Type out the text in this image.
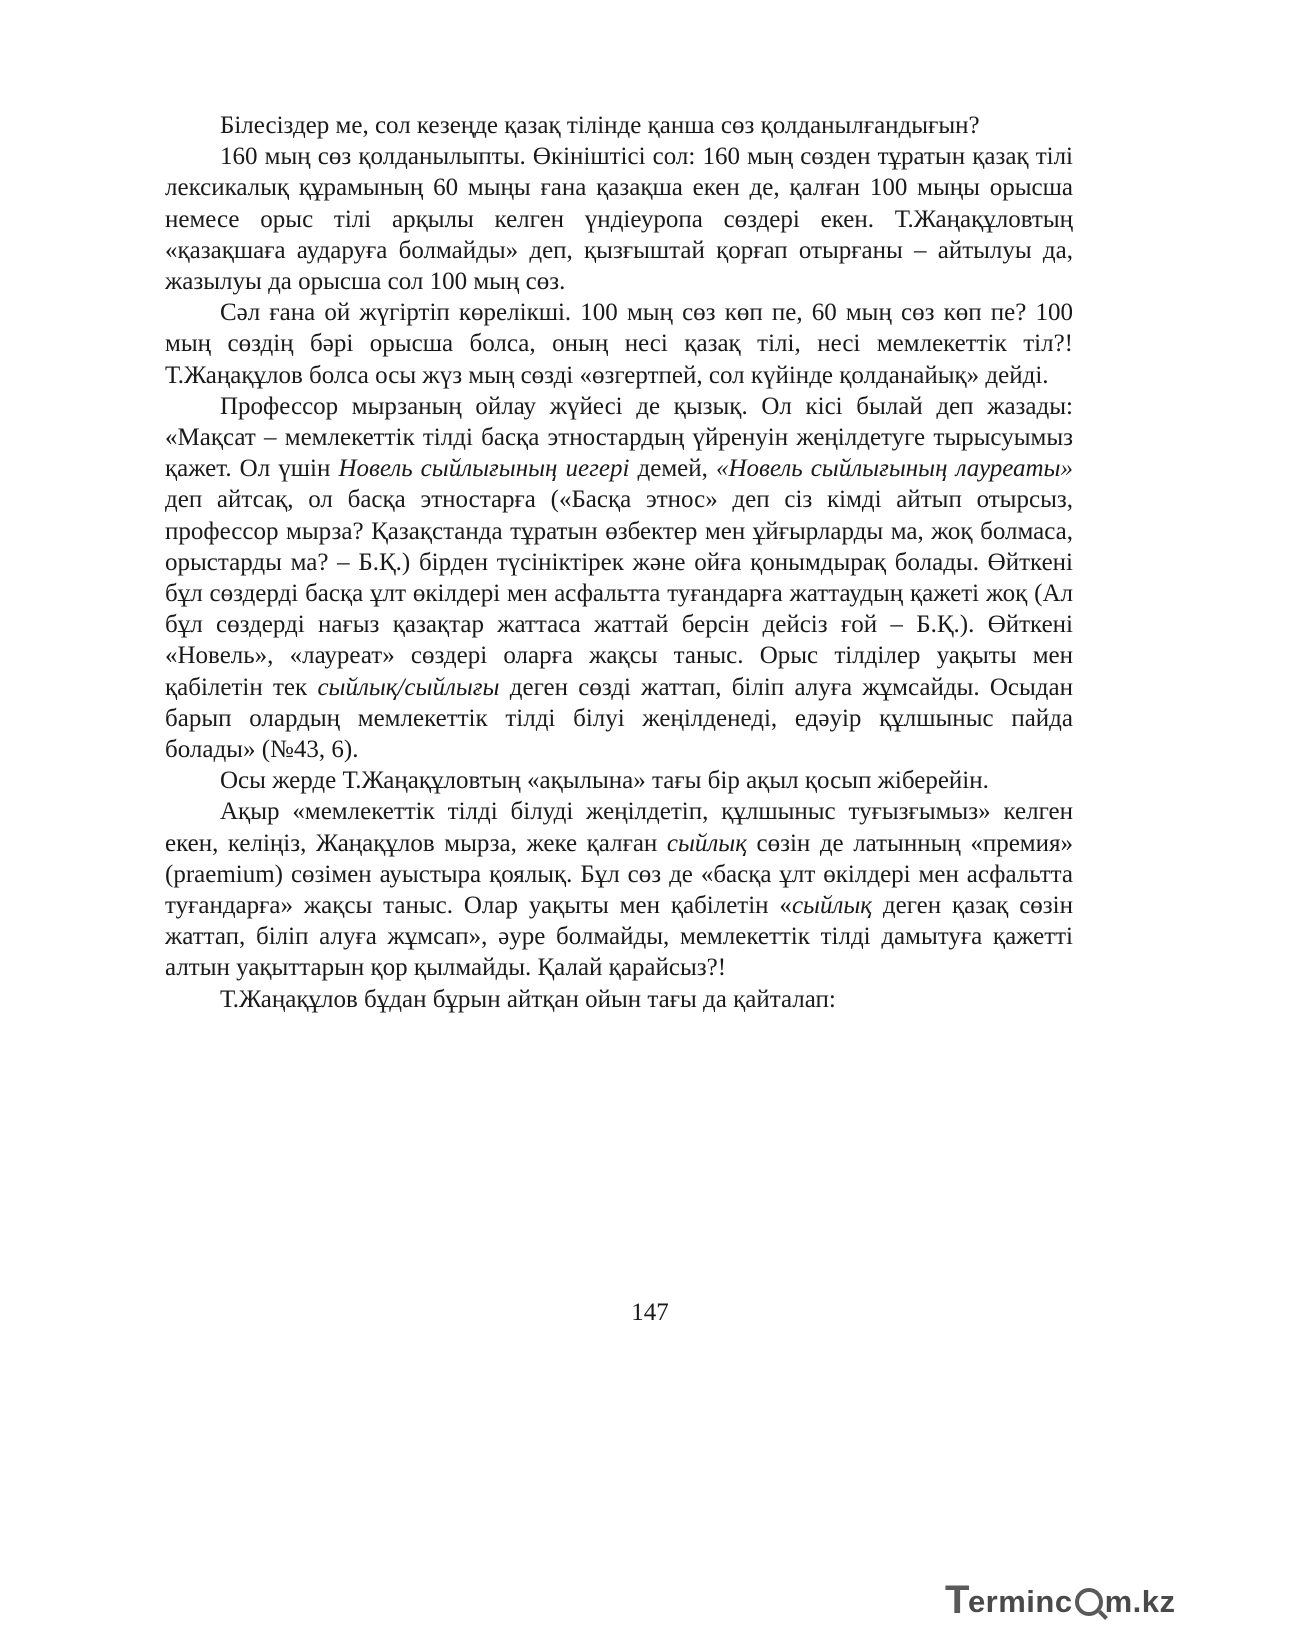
Білесіздер ме, сол кезеңде қазақ тілінде қанша сөз қолданылғандығын?

160 мың сөз қолданылыпты. Өкініштісі сол: 160 мың сөзден тұратын қазақ тілі лексикалық құрамының 60 мыңы ғана қазақша екен де, қалған 100 мыңы орысша немесе орыс тілі арқылы келген үндіеуропа сөздері екен. Т.Жаңақұловтың «қазақшаға аударуға болмайды» деп, қызғыштай қорғап отырғаны – айтылуы да, жазылуы да орысша сол 100 мың сөз.

Сәл ғана ой жүгіртіп көрелікші. 100 мың сөз көп пе, 60 мың сөз көп пе? 100 мың сөздің бәрі орысша болса, оның несі қазақ тілі, несі мемлекеттік тіл?! Т.Жаңақұлов болса осы жүз мың сөзді «өзгертпей, сол күйінде қолданайық» дейді.

Профессор мырзаның ойлау жүйесі де қызық. Ол кісі былай деп жазады: «Мақсат – мемлекеттік тілді басқа этностардың үйренуін жеңілдетуге тырысуымыз қажет. Ол үшін Новель сыйлығының иегері демей, «Новель сыйлығының лауреаты» деп айтсақ, ол басқа этностарға («Басқа этнос» деп сіз кімді айтып отырсыз, профессор мырза? Қазақстанда тұратын өзбектер мен ұйғырларды ма, жоқ болмаса, орыстарды ма? – Б.Қ.) бірден түсініктірек және ойға қонымдырақ болады. Өйткені бұл сөздерді басқа ұлт өкілдері мен асфальтта туғандарға жаттаудың қажеті жоқ (Ал бұл сөздерді нағыз қазақтар жаттаса жаттай берсін дейсіз ғой – Б.Қ.). Өйткені «Новель», «лауреат» сөздері оларға жақсы таныс. Орыс тілділер уақыты мен қабілетін тек сыйлық/сыйлығы деген сөзді жаттап, біліп алуға жұмсайды. Осыдан барып олардың мемлекеттік тілді білуі жеңілденеді, едәуір құлшыныс пайда болады» (№43, 6).

Осы жерде Т.Жаңақұловтың «ақылына» тағы бір ақыл қосып жіберейін.

Ақыр «мемлекеттік тілді білуді жеңілдетіп, құлшыныс туғызғымыз» келген екен, келіңіз, Жаңақұлов мырза, жеке қалған сыйлық сөзін де латынның «премия» (praemium) сөзімен ауыстыра қоялық. Бұл сөз де «басқа ұлт өкілдері мен асфальтта туғандарға» жақсы таныс. Олар уақыты мен қабілетін «сыйлық деген қазақ сөзін жаттап, біліп алуға жұмсап», әуре болмайды, мемлекеттік тілді дамытуға қажетті алтын уақыттарын қор қылмайды. Қалай қарайсыз?!

Т.Жаңақұлов бұдан бұрын айтқан ойын тағы да қайталап:

147
T
erminc m.kz
